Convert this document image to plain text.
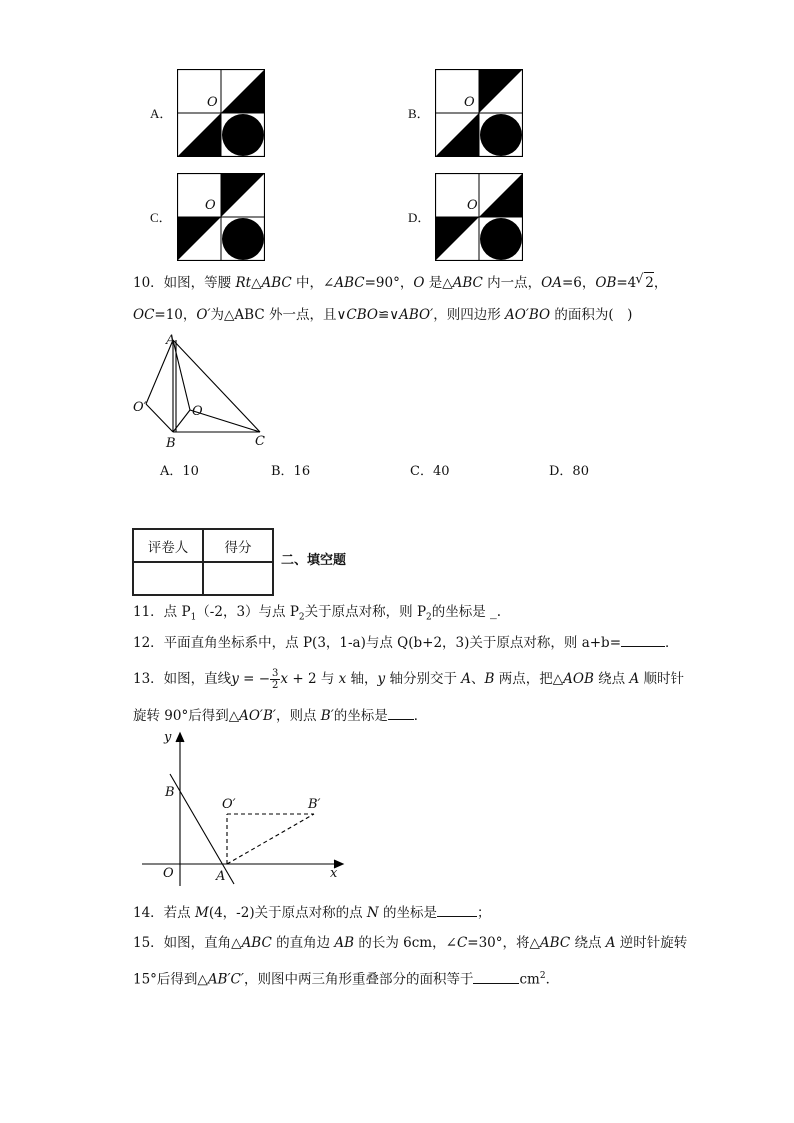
A．
O
B．
O
C．
O
D．
O
10．如图，等腰 Rt△ABC 中，∠ABC=90°，O 是△ABC 内一点，OA=6，OB=4 √ 2，
OC=10，O′为△ABC 外一点，且∨CBO≌∨ABO′，则四边形 AO′BO 的面积为(　)
A
O′	O
B	C
A．10	B．16	C．40	D．80
评卷人	得分

二、填空题
11．点 $P_1(-2$，3）与点 $P_2$关于原点对称，则 $P_2$的坐标是 _.
12．平面直角坐标系中，点 P(3，1-a)与点 Q(b+2，3)关于原点对称，则 a+b=	．
13．如图，直线y = − $\frac{3}{2}$ x + 2 与 x 轴，y 轴分别交于 A、B 两点，把△AOB 绕点 A 顺时针
旋转 90°后得到△AO′B′，则点 B′的坐标是 ．
y
B
O′	B′
O	A	x
14．若点 M(4，-2)关于原点对称的点 N 的坐标是	；
15．如图，直角△ABC 的直角边 AB 的长为 6cm，∠C=30°，将△ABC 绕点 A 逆时针旋转
15°后得到△AB′C′，则图中两三角形重叠部分的面积等于	$cm^2$．
